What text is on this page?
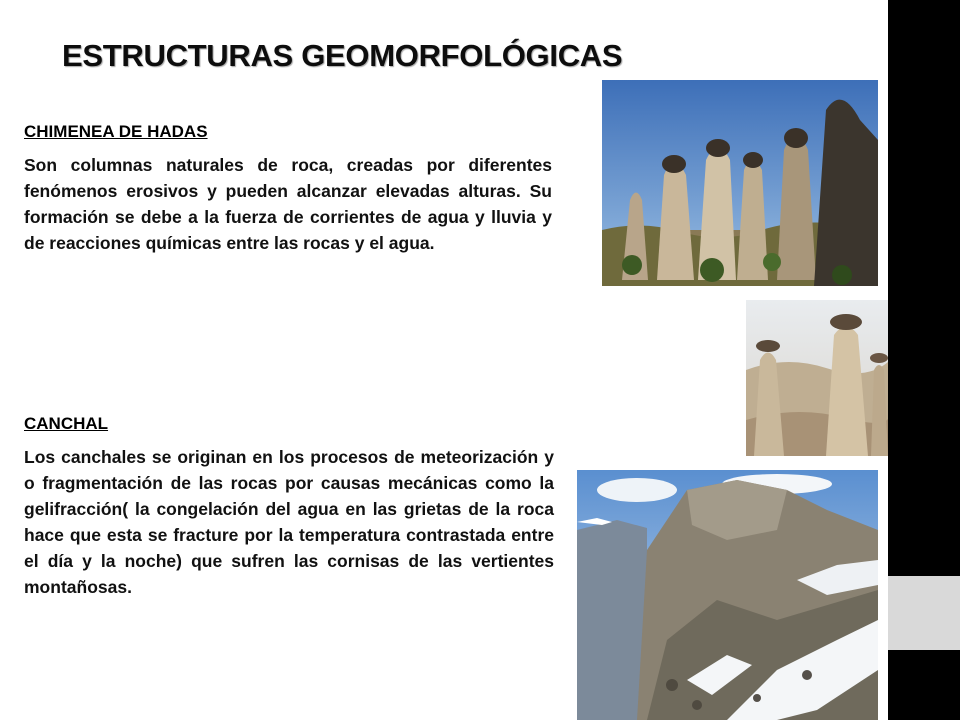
ESTRUCTURAS GEOMORFOLÓGICAS
CHIMENEA DE HADAS

Son columnas naturales de roca, creadas por diferentes fenómenos erosivos y pueden alcanzar elevadas alturas. Su formación se debe a la fuerza de corrientes de agua y lluvia y de reacciones químicas entre las rocas y el agua.

CANCHAL

Los canchales se originan en los procesos de meteorización y o fragmentación de las rocas por causas mecánicas como la gelifracción( la congelación del agua en las grietas de la roca hace que esta se fracture por la temperatura contrastada entre el día y la noche) que sufren las cornisas de las vertientes montañosas.
